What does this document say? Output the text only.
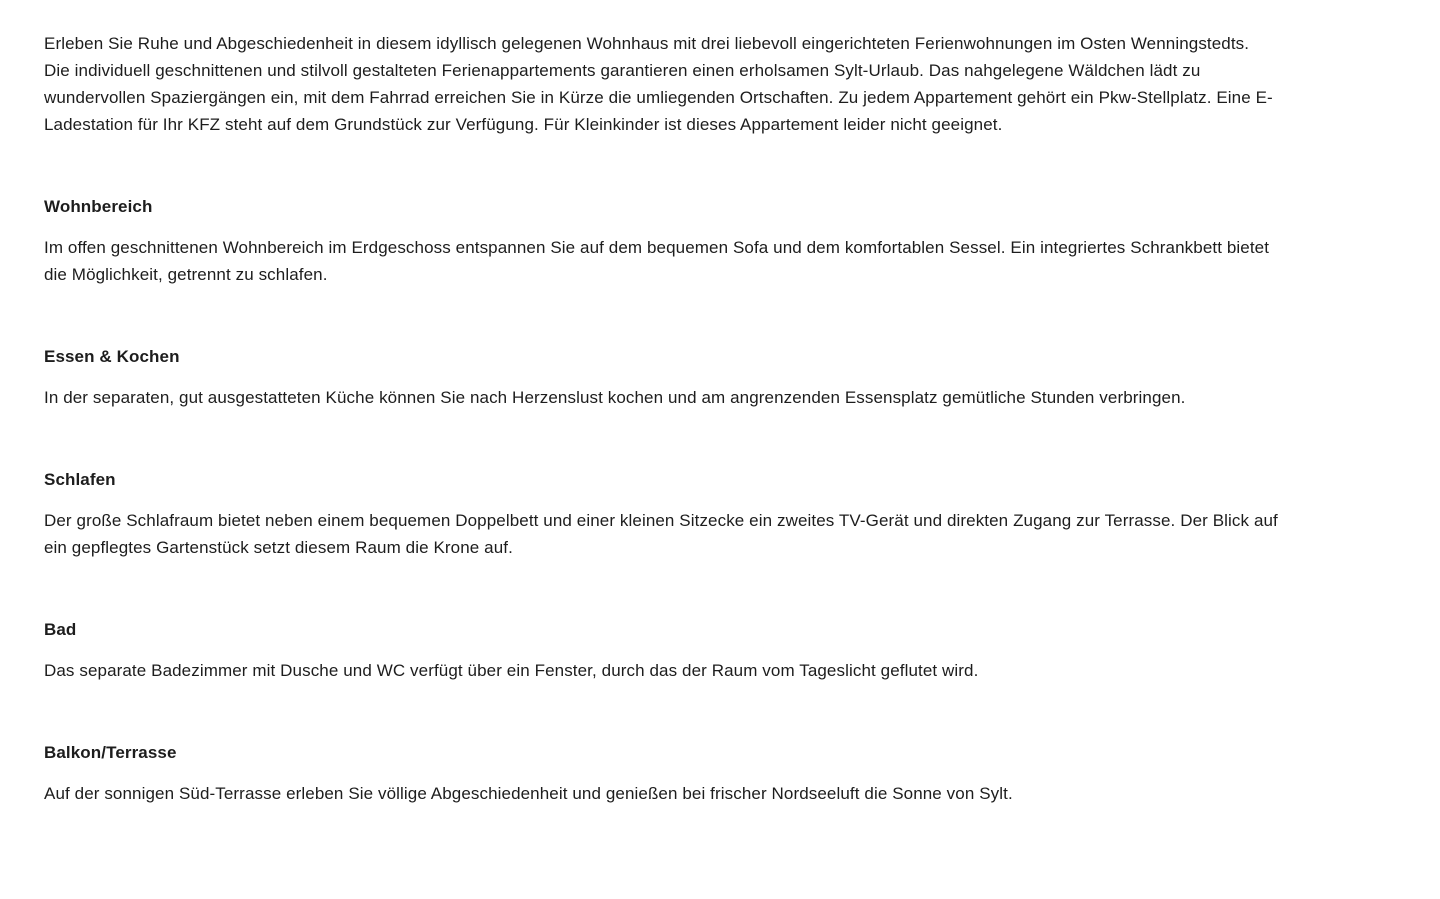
Erleben Sie Ruhe und Abgeschiedenheit in diesem idyllisch gelegenen Wohnhaus mit drei liebevoll eingerichteten Ferienwohnungen im Osten Wenningstedts.
Die individuell geschnittenen und stilvoll gestalteten Ferienappartements garantieren einen erholsamen Sylt-Urlaub. Das nahgelegene Wäldchen lädt zu
wundervollen Spaziergängen ein, mit dem Fahrrad erreichen Sie in Kürze die umliegenden Ortschaften. Zu jedem Appartement gehört ein Pkw-Stellplatz. Eine E-
Ladestation für Ihr KFZ steht auf dem Grundstück zur Verfügung. Für Kleinkinder ist dieses Appartement leider nicht geeignet.

Wohnbereich

Im offen geschnittenen Wohnbereich im Erdgeschoss entspannen Sie auf dem bequemen Sofa und dem komfortablen Sessel. Ein integriertes Schrankbett bietet
die Möglichkeit, getrennt zu schlafen.

Essen & Kochen

In der separaten, gut ausgestatteten Küche können Sie nach Herzenslust kochen und am angrenzenden Essensplatz gemütliche Stunden verbringen.

Schlafen

Der große Schlafraum bietet neben einem bequemen Doppelbett und einer kleinen Sitzecke ein zweites TV-Gerät und direkten Zugang zur Terrasse. Der Blick auf
ein gepflegtes Gartenstück setzt diesem Raum die Krone auf.

Bad

Das separate Badezimmer mit Dusche und WC verfügt über ein Fenster, durch das der Raum vom Tageslicht geflutet wird.

Balkon/Terrasse

Auf der sonnigen Süd-Terrasse erleben Sie völlige Abgeschiedenheit und genießen bei frischer Nordseeluft die Sonne von Sylt.
